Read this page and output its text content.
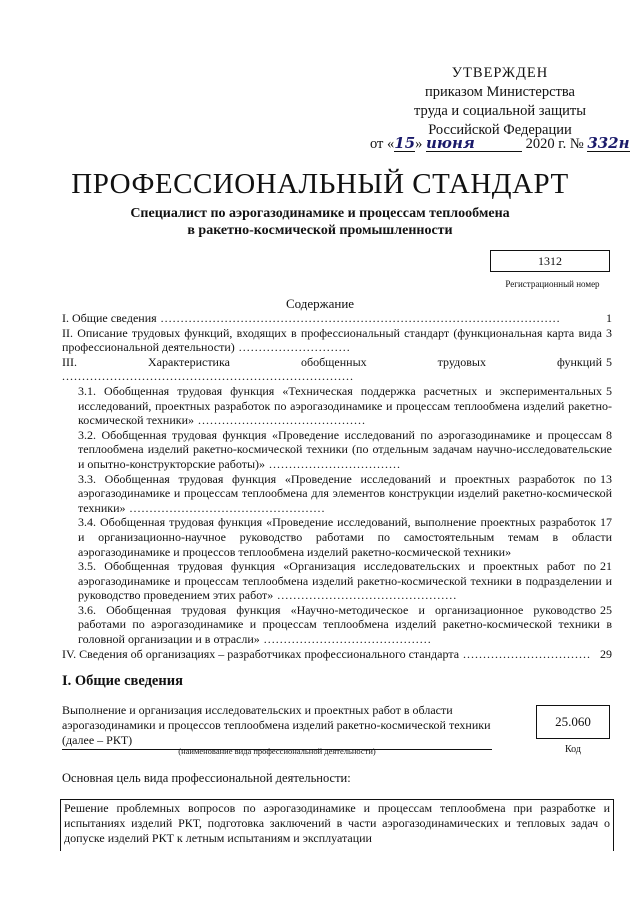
УТВЕРЖДЕН
приказом Министерства
труда и социальной защиты
Российской Федерации
от «15» июня	2020 г. № 332н
ПРОФЕССИОНАЛЬНЫЙ СТАНДАРТ
Специалист по аэрогазодинамике и процессам теплообмена
в ракетно-космической промышленности
1312
Регистрационный номер
Содержание
1
I. Общие сведения ....................................................................................................
3
II. Описание трудовых функций, входящих в профессиональный стандарт (функциональная карта вида профессиональной деятельности) ............................
5
III. Характеристика обобщенных трудовых функций .........................................................................
5
3.1. Обобщенная трудовая функция «Техническая поддержка расчетных и экспериментальных исследований, проектных разработок по аэрогазодинамике и процессам теплообмена изделий ракетно-космической техники» ..........................................
8
3.2. Обобщенная трудовая функция «Проведение исследований по аэрогазодинамике и процессам теплообмена изделий ракетно-космической техники (по отдельным задачам научно-исследовательские и опытно-конструкторские работы)» .................................
13
3.3. Обобщенная трудовая функция «Проведение исследований и проектных разработок по аэрогазодинамике и процессам теплообмена для элементов конструкции изделий ракетно-космической техники» .................................................
17
3.4. Обобщенная трудовая функция «Проведение исследований, выполнение проектных разработок и организационно-научное руководство работами по самостоятельным темам в области аэрогазодинамике и процессов теплообмена изделий ракетно-космической техники»
21
3.5. Обобщенная трудовая функция «Организация исследовательских и проектных работ по аэрогазодинамике и процессам теплообмена изделий ракетно-космической техники в подразделении и руководство проведением этих работ» .............................................
25
3.6. Обобщенная трудовая функция «Научно-методическое и организационное руководство работами по аэрогазодинамике и процессам теплообмена изделий ракетно-космической техники в головной организации и в отрасли» ..........................................
29
IV. Сведения об организациях – разработчиках профессионального стандарта ................................
I. Общие сведения
Выполнение и организация исследовательских и проектных работ в области аэрогазодинамики и процессов теплообмена изделий ракетно-космической техники (далее – РКТ)
25.060
(наименование вида профессиональной деятельности)	Код
Основная цель вида профессиональной деятельности:
Решение проблемных вопросов по аэрогазодинамике и процессам теплообмена при разработке и испытаниях изделий РКТ, подготовка заключений в части аэрогазодинамических и тепловых задач о допуске изделий РКТ к летным испытаниям и эксплуатации
